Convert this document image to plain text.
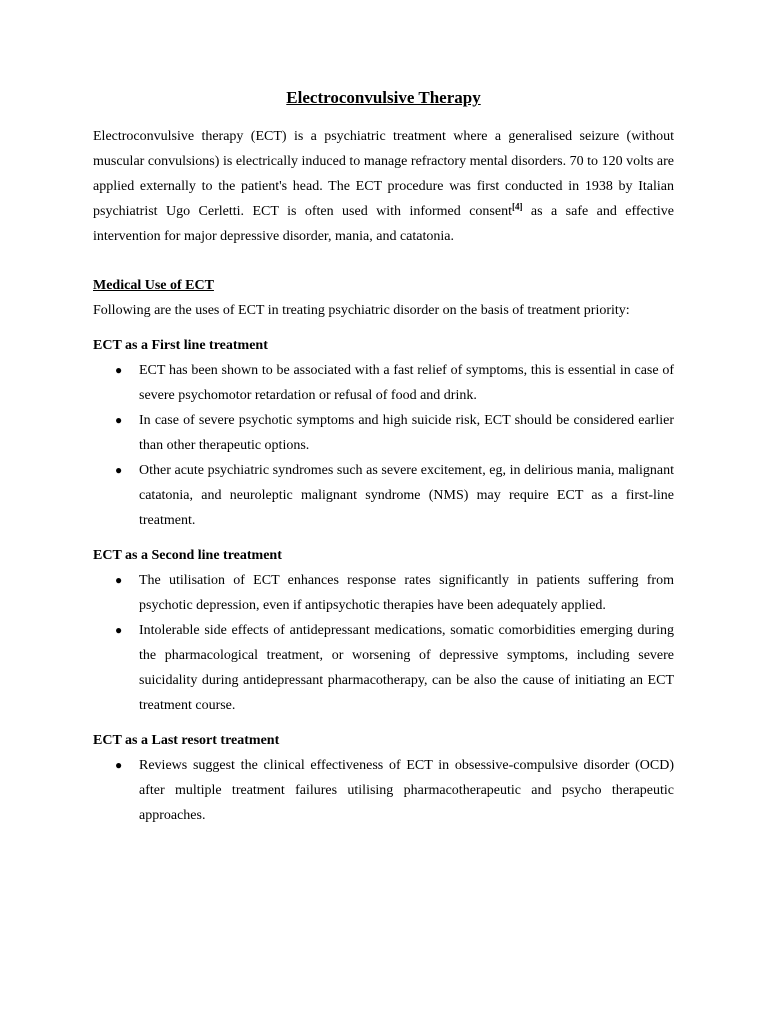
Electroconvulsive Therapy

Electroconvulsive therapy (ECT) is a psychiatric treatment where a generalised seizure (without muscular convulsions) is electrically induced to manage refractory mental disorders. 70 to 120 volts are applied externally to the patient's head. The ECT procedure was first conducted in 1938 by Italian psychiatrist Ugo Cerletti. ECT is often used with informed consent[4] as a safe and effective intervention for major depressive disorder, mania, and catatonia.

Medical Use of ECT

Following are the uses of ECT in treating psychiatric disorder on the basis of treatment priority:

ECT as a First line treatment
● ECT has been shown to be associated with a fast relief of symptoms, this is essential in case of severe psychomotor retardation or refusal of food and drink.
● In case of severe psychotic symptoms and high suicide risk, ECT should be considered earlier than other therapeutic options.
● Other acute psychiatric syndromes such as severe excitement, eg, in delirious mania, malignant catatonia, and neuroleptic malignant syndrome (NMS) may require ECT as a first-line treatment.
ECT as a Second line treatment
● The utilisation of ECT enhances response rates significantly in patients suffering from psychotic depression, even if antipsychotic therapies have been adequately applied.
● Intolerable side effects of antidepressant medications, somatic comorbidities emerging during the pharmacological treatment, or worsening of depressive symptoms, including severe suicidality during antidepressant pharmacotherapy, can be also the cause of initiating an ECT treatment course.
ECT as a Last resort treatment
● Reviews suggest the clinical effectiveness of ECT in obsessive-compulsive disorder (OCD) after multiple treatment failures utilising pharmacotherapeutic and psycho therapeutic approaches.
